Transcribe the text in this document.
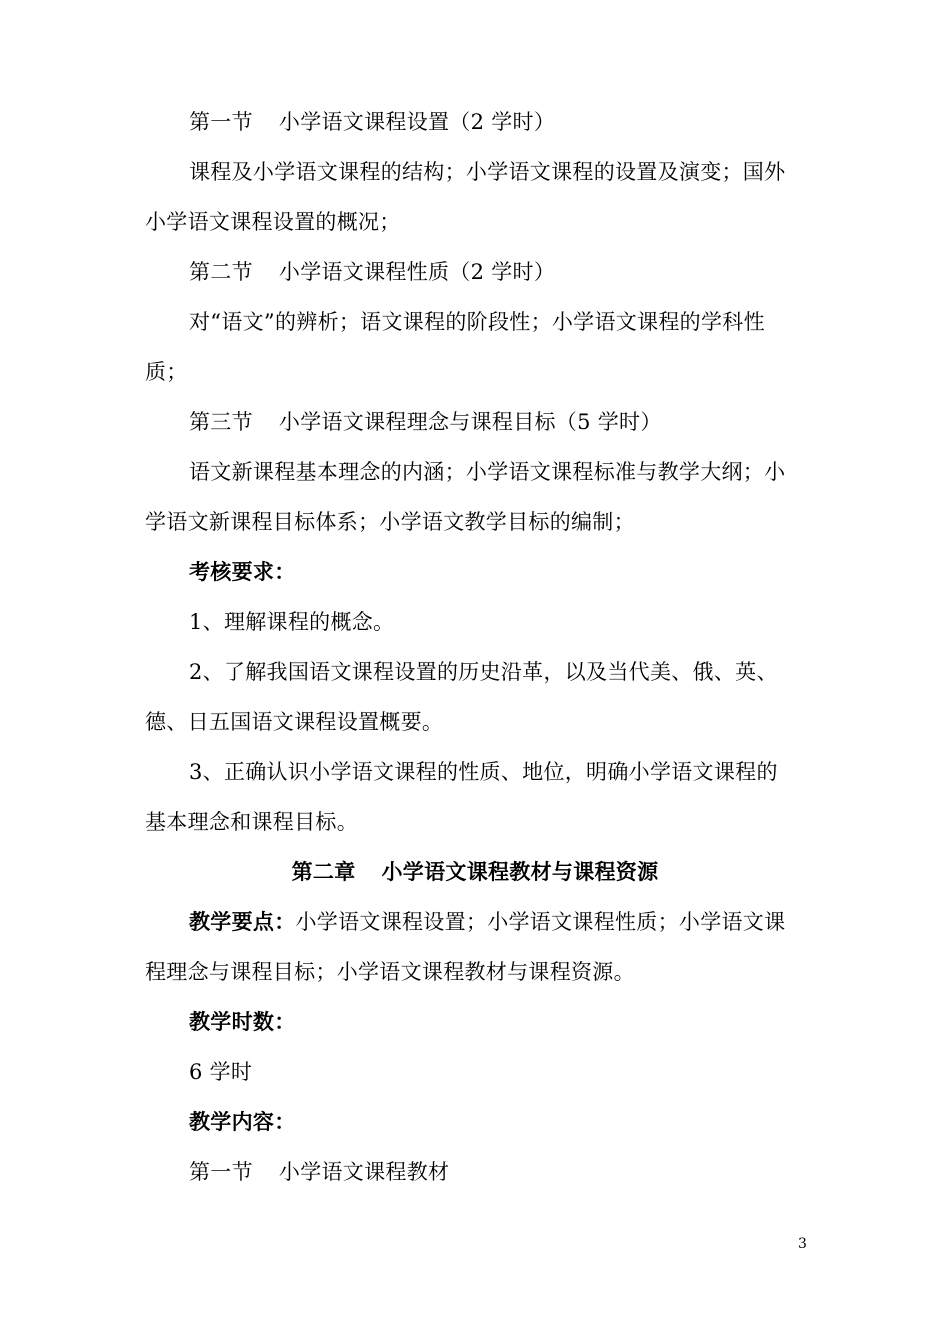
第一节 小学语文课程设置（2 学时）
课程及小学语文课程的结构；小学语文课程的设置及演变；国外
小学语文课程设置的概况；
第二节 小学语文课程性质（2 学时）
对“语文”的辨析；语文课程的阶段性；小学语文课程的学科性
质；
第三节 小学语文课程理念与课程目标（5 学时）
语文新课程基本理念的内涵；小学语文课程标准与教学大纲；小
学语文新课程目标体系；小学语文教学目标的编制；
考核要求：
1、理解课程的概念。
2、了解我国语文课程设置的历史沿革，以及当代美、俄、英、
德、日五国语文课程设置概要。
3、正确认识小学语文课程的性质、地位，明确小学语文课程的
基本理念和课程目标。
第二章 小学语文课程教材与课程资源
教学要点：小学语文课程设置；小学语文课程性质；小学语文课
程理念与课程目标；小学语文课程教材与课程资源。
教学时数：
6 学时
教学内容：
第一节 小学语文课程教材
3
